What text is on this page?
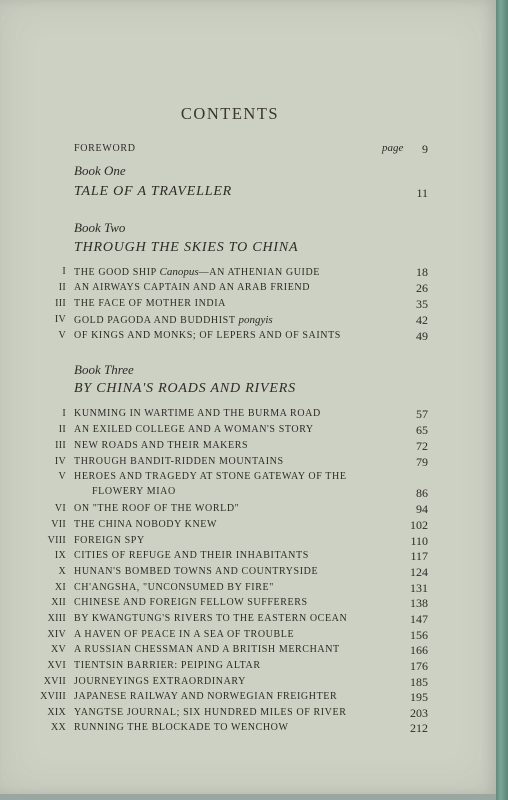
CONTENTS
FOREWORD	page	9
Book One
TALE OF A TRAVELLER	11
Book Two
THROUGH THE SKIES TO CHINA
I THE GOOD SHIP Canopus—AN ATHENIAN GUIDE	18
II AN AIRWAYS CAPTAIN AND AN ARAB FRIEND	26
III THE FACE OF MOTHER INDIA	35
IV GOLD PAGODA AND BUDDHIST pongyis	42
V OF KINGS AND MONKS; OF LEPERS AND OF SAINTS	49
Book Three
BY CHINA'S ROADS AND RIVERS
I KUNMING IN WARTIME AND THE BURMA ROAD	57
II AN EXILED COLLEGE AND A WOMAN'S STORY	65
III NEW ROADS AND THEIR MAKERS	72
IV THROUGH BANDIT-RIDDEN MOUNTAINS	79
V HEROES AND TRAGEDY AT STONE GATEWAY OF THE
FLOWERY MIAO	86
VI ON "THE ROOF OF THE WORLD"	94
VII THE CHINA NOBODY KNEW	102
VIII FOREIGN SPY	110
IX CITIES OF REFUGE AND THEIR INHABITANTS	117
X HUNAN'S BOMBED TOWNS AND COUNTRYSIDE	124
XI CH'ANGSHA, "UNCONSUMED BY FIRE"	131
XII CHINESE AND FOREIGN FELLOW SUFFERERS	138
XIII BY KWANGTUNG'S RIVERS TO THE EASTERN OCEAN	147
XIV A HAVEN OF PEACE IN A SEA OF TROUBLE	156
XV A RUSSIAN CHESSMAN AND A BRITISH MERCHANT	166
XVI TIENTSIN BARRIER: PEIPING ALTAR	176
XVII JOURNEYINGS EXTRAORDINARY	185
XVIII JAPANESE RAILWAY AND NORWEGIAN FREIGHTER	195
XIX YANGTSE JOURNAL; SIX HUNDRED MILES OF RIVER	203
XX RUNNING THE BLOCKADE TO WENCHOW	212
